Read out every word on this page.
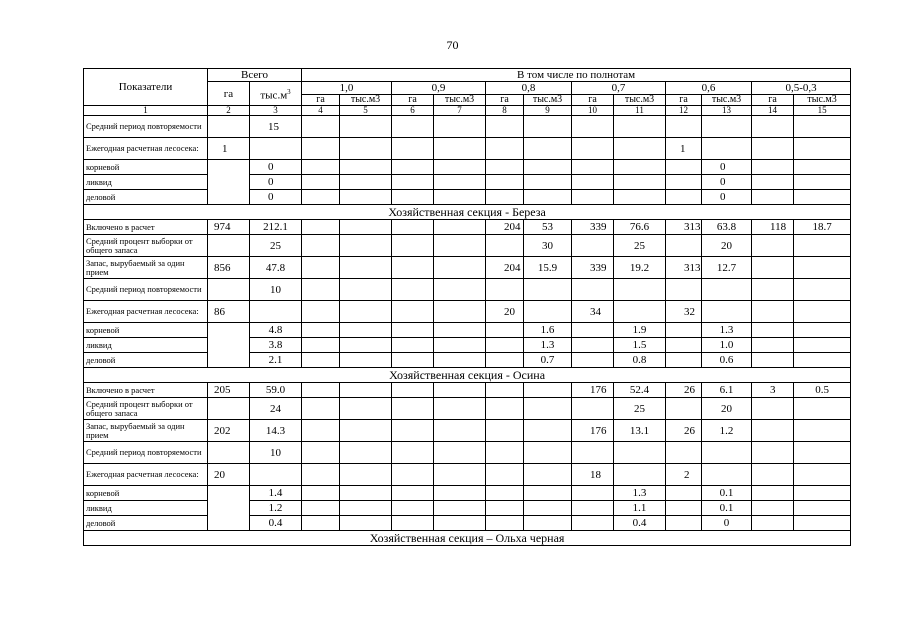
70
Показатели	Всего		В том числе по полнотам											
	га	$тыс.м^3$	1,0		0,9		0,8		0,7		0,6		0,5-0,3	
			га	тыс.м3	га	тыс.м3	га	тыс.м3	га	тыс.м3	га	тыс.м3	га	тыс.м3
1	2	3	4	5	6	7	8	9	10	11	12	13	14	15
Средний период повторяемости		15												
Ежегодная расчетная лесосека:	1										1			
корневой		0										0		
ликвид		0										0		
деловой		0										0		
Хозяйственная секция - Береза														
Включено в расчет	974	212.1					204	53	339	76.6	313	63.8	118	18.7
Средний процент выборки от общего запаса		25						30		25		20		
Запас, вырубаемый за один прием	856	47.8					204	15.9	339	19.2	313	12.7		
Средний период повторяемости		10												
Ежегодная расчетная лесосека:	86						20		34		32			
корневой		4.8						1.6		1.9		1.3		
ликвид		3.8						1.3		1.5		1.0		
деловой		2.1						0.7		0.8		0.6		
Хозяйственная секция - Осина														
Включено в расчет	205	59.0							176	52.4	26	6.1	3	0.5
Средний процент выборки от общего запаса		24								25		20		
Запас, вырубаемый за один прием	202	14.3							176	13.1	26	1.2		
Средний период повторяемости		10												
Ежегодная расчетная лесосека:	20								18		2			
корневой		1.4								1.3		0.1		
ликвид		1.2								1.1		0.1		
деловой		0.4								0.4		0		
Хозяйственная секция – Ольха черная														
